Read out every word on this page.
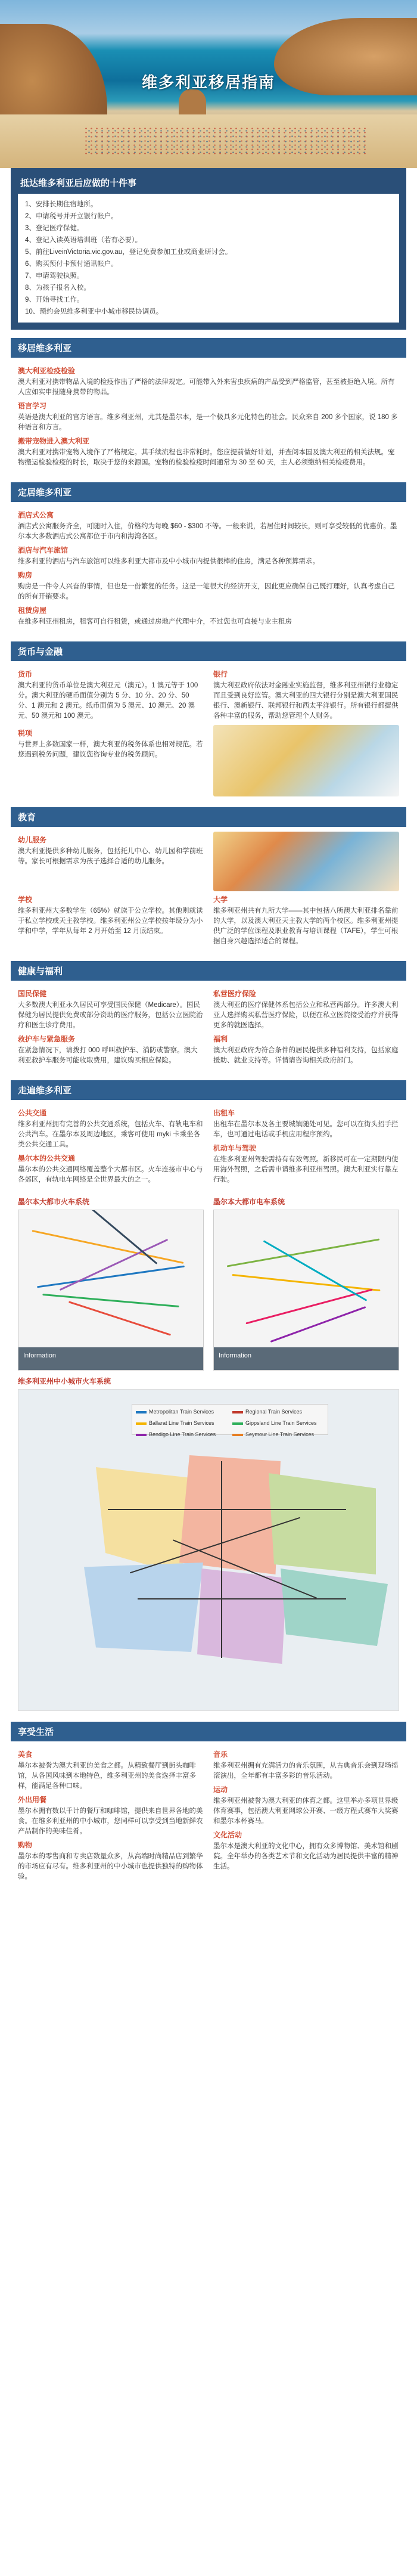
维多利亚移居指南
抵达维多利亚后应做的十件事
1、安排长期住宿地所。
2、申请税号并开立银行帐户。
3、登记医疗保健。
4、登记入读英语培训班（若有必要）。
5、前往LiveinVictoria.vic.gov.au，登记免费参加工业或商业研讨会。
6、购买预付卡预付通讯帐户。
7、申请驾驶执照。
8、为孩子报名入校。
9、开始寻找工作。
10、预约会见维多利亚中小城市移民协调员。
移居维多利亚
澳大利亚检疫检验
澳大利亚对携带物品入境的检疫作出了严格的法律规定。可能带入外来害虫疾病的产品受到严格监管，甚至被拒绝入境。所有人应如实申报随身携带的物品。
语言学习
英语是澳大利亚的官方语言。维多利亚州，尤其是墨尔本，是一个极具多元化特色的社会。民众来自 200 多个国家，说 180 多种语言和方言。
搬带宠物进入澳大利亚
澳大利亚对携带宠物入境作了严格规定。其手续流程也非常耗时。您应提前做好计划，并查阅本国及澳大利亚的相关法规。宠物搬运检验检疫的时长，取决于您的来源国。宠物的检验检疫时间通常为 30 至 60 天，主人必须缴纳相关检疫费用。
定居维多利亚
酒店式公寓
酒店式公寓服务齐全，可随时入住，价格约为每晚 $60 - $300 不等。一般来说，若居住时间较长，则可享受较低的优惠价。墨尔本大多数酒店式公寓都位于市内和海湾各区。
酒店与汽车旅馆
维多利亚的酒店与汽车旅馆可以维多利亚大都市及中小城市内提供很棒的住房，满足各种预算需求。
购房
购房是一件令人兴奋的事情，但也是一份繁复的任务。这是一笔很大的经济开支，因此更应确保自己既打理好，认真考虑自己的所有开销要求。
租赁房屋
在维多利亚州租房，租客可自行租赁，或通过房地产代理中介，不过您也可直接与业主租房
货币与金融
货币
澳大利亚的货币单位是澳大利亚元（澳元）。1 澳元等于 100 分。澳大利亚的硬币面值分别为 5 分、10 分、20 分、50 分、1 澳元和 2 澳元。纸币面值为 5 澳元、10 澳元、20 澳元、50 澳元和 100 澳元。
银行
澳大利亚政府依法对金融业实施监督，维多利亚州银行业稳定而且受到良好监管。澳大利亚的四大银行分别是澳大利亚国民银行、澳新银行、联邦银行和西太平洋银行。所有银行都提供各种丰富的服务，帮助您管理个人财务。
税项
与世界上多数国家一样，澳大利亚的税务体系也相对规范。若您遇到税务问题，建议您咨询专业的税务顾问。
教育
幼儿服务
澳大利亚提供多种幼儿服务，包括托儿中心、幼儿园和学前班等。家长可根据需求为孩子选择合适的幼儿服务。
学校
维多利亚州大多数学生（65%）就读于公立学校。其他则就读于私立学校或天主教学校。维多利亚州公立学校按年级分为小学和中学，学年从每年 2 月开始至 12 月底结束。
大学
维多利亚州共有九所大学——其中包括八所澳大利亚排名靠前的大学，以及澳大利亚天主教大学的两个校区。维多利亚州提供广泛的学位课程及职业教育与培训课程（TAFE），学生可根据自身兴趣选择适合的课程。
健康与福利
国民保健
大多数澳大利亚永久居民可享受国民保健（Medicare）。国民保健为居民提供免费或部分资助的医疗服务，包括公立医院治疗和医生诊疗费用。
救护车与紧急服务
在紧急情况下，请拨打 000 呼叫救护车、消防或警察。澳大利亚救护车服务可能收取费用，建议购买相应保险。
私营医疗保险
澳大利亚的医疗保健体系包括公立和私营两部分。许多澳大利亚人选择购买私营医疗保险，以便在私立医院接受治疗并获得更多的就医选择。
福利
澳大利亚政府为符合条件的居民提供多种福利支持，包括家庭援助、就业支持等。详情请咨询相关政府部门。
走遍维多利亚
公共交通
维多利亚州拥有完善的公共交通系统，包括火车、有轨电车和公共汽车。在墨尔本及周边地区，乘客可使用 myki 卡乘坐各类公共交通工具。
墨尔本的公共交通
墨尔本的公共交通网络覆盖整个大都市区。火车连接市中心与各郊区，有轨电车网络是全世界最大的之一。
出租车
出租车在墨尔本及各主要城镇随处可见。您可以在街头招手拦车，也可通过电话或手机应用程序预约。
机动车与驾驶
在维多利亚州驾驶需持有有效驾照。新移民可在一定期限内使用海外驾照，之后需申请维多利亚州驾照。澳大利亚实行靠左行驶。
墨尔本大都市火车系统
Information
墨尔本大都市电车系统
Information
维多利亚州中小城市火车系统
Metropolitan Train Services	Regional Train Services
Ballarat Line Train Services	Gippsland Line Train Services
Bendigo Line Train Services	Seymour Line Train Services
享受生活
美食
墨尔本被誉为澳大利亚的美食之都。从精致餐厅到街头咖啡馆，从各国风味到本地特色，维多利亚州的美食选择丰富多样，能满足各种口味。
外出用餐
墨尔本拥有数以千计的餐厅和咖啡馆，提供来自世界各地的美食。在维多利亚州的中小城市，您同样可以享受到当地新鲜农产品制作的美味佳肴。
购物
墨尔本的零售商和专卖店数量众多，从高端时尚精品店到繁华的市场应有尽有。维多利亚州的中小城市也提供独特的购物体验。
音乐
维多利亚州拥有充满活力的音乐氛围，从古典音乐会到现场摇滚演出，全年都有丰富多彩的音乐活动。
运动
维多利亚州被誉为澳大利亚的体育之都。这里举办多项世界级体育赛事，包括澳大利亚网球公开赛、一级方程式赛车大奖赛和墨尔本杯赛马。
文化活动
墨尔本是澳大利亚的文化中心，拥有众多博物馆、美术馆和剧院。全年举办的各类艺术节和文化活动为居民提供丰富的精神生活。
